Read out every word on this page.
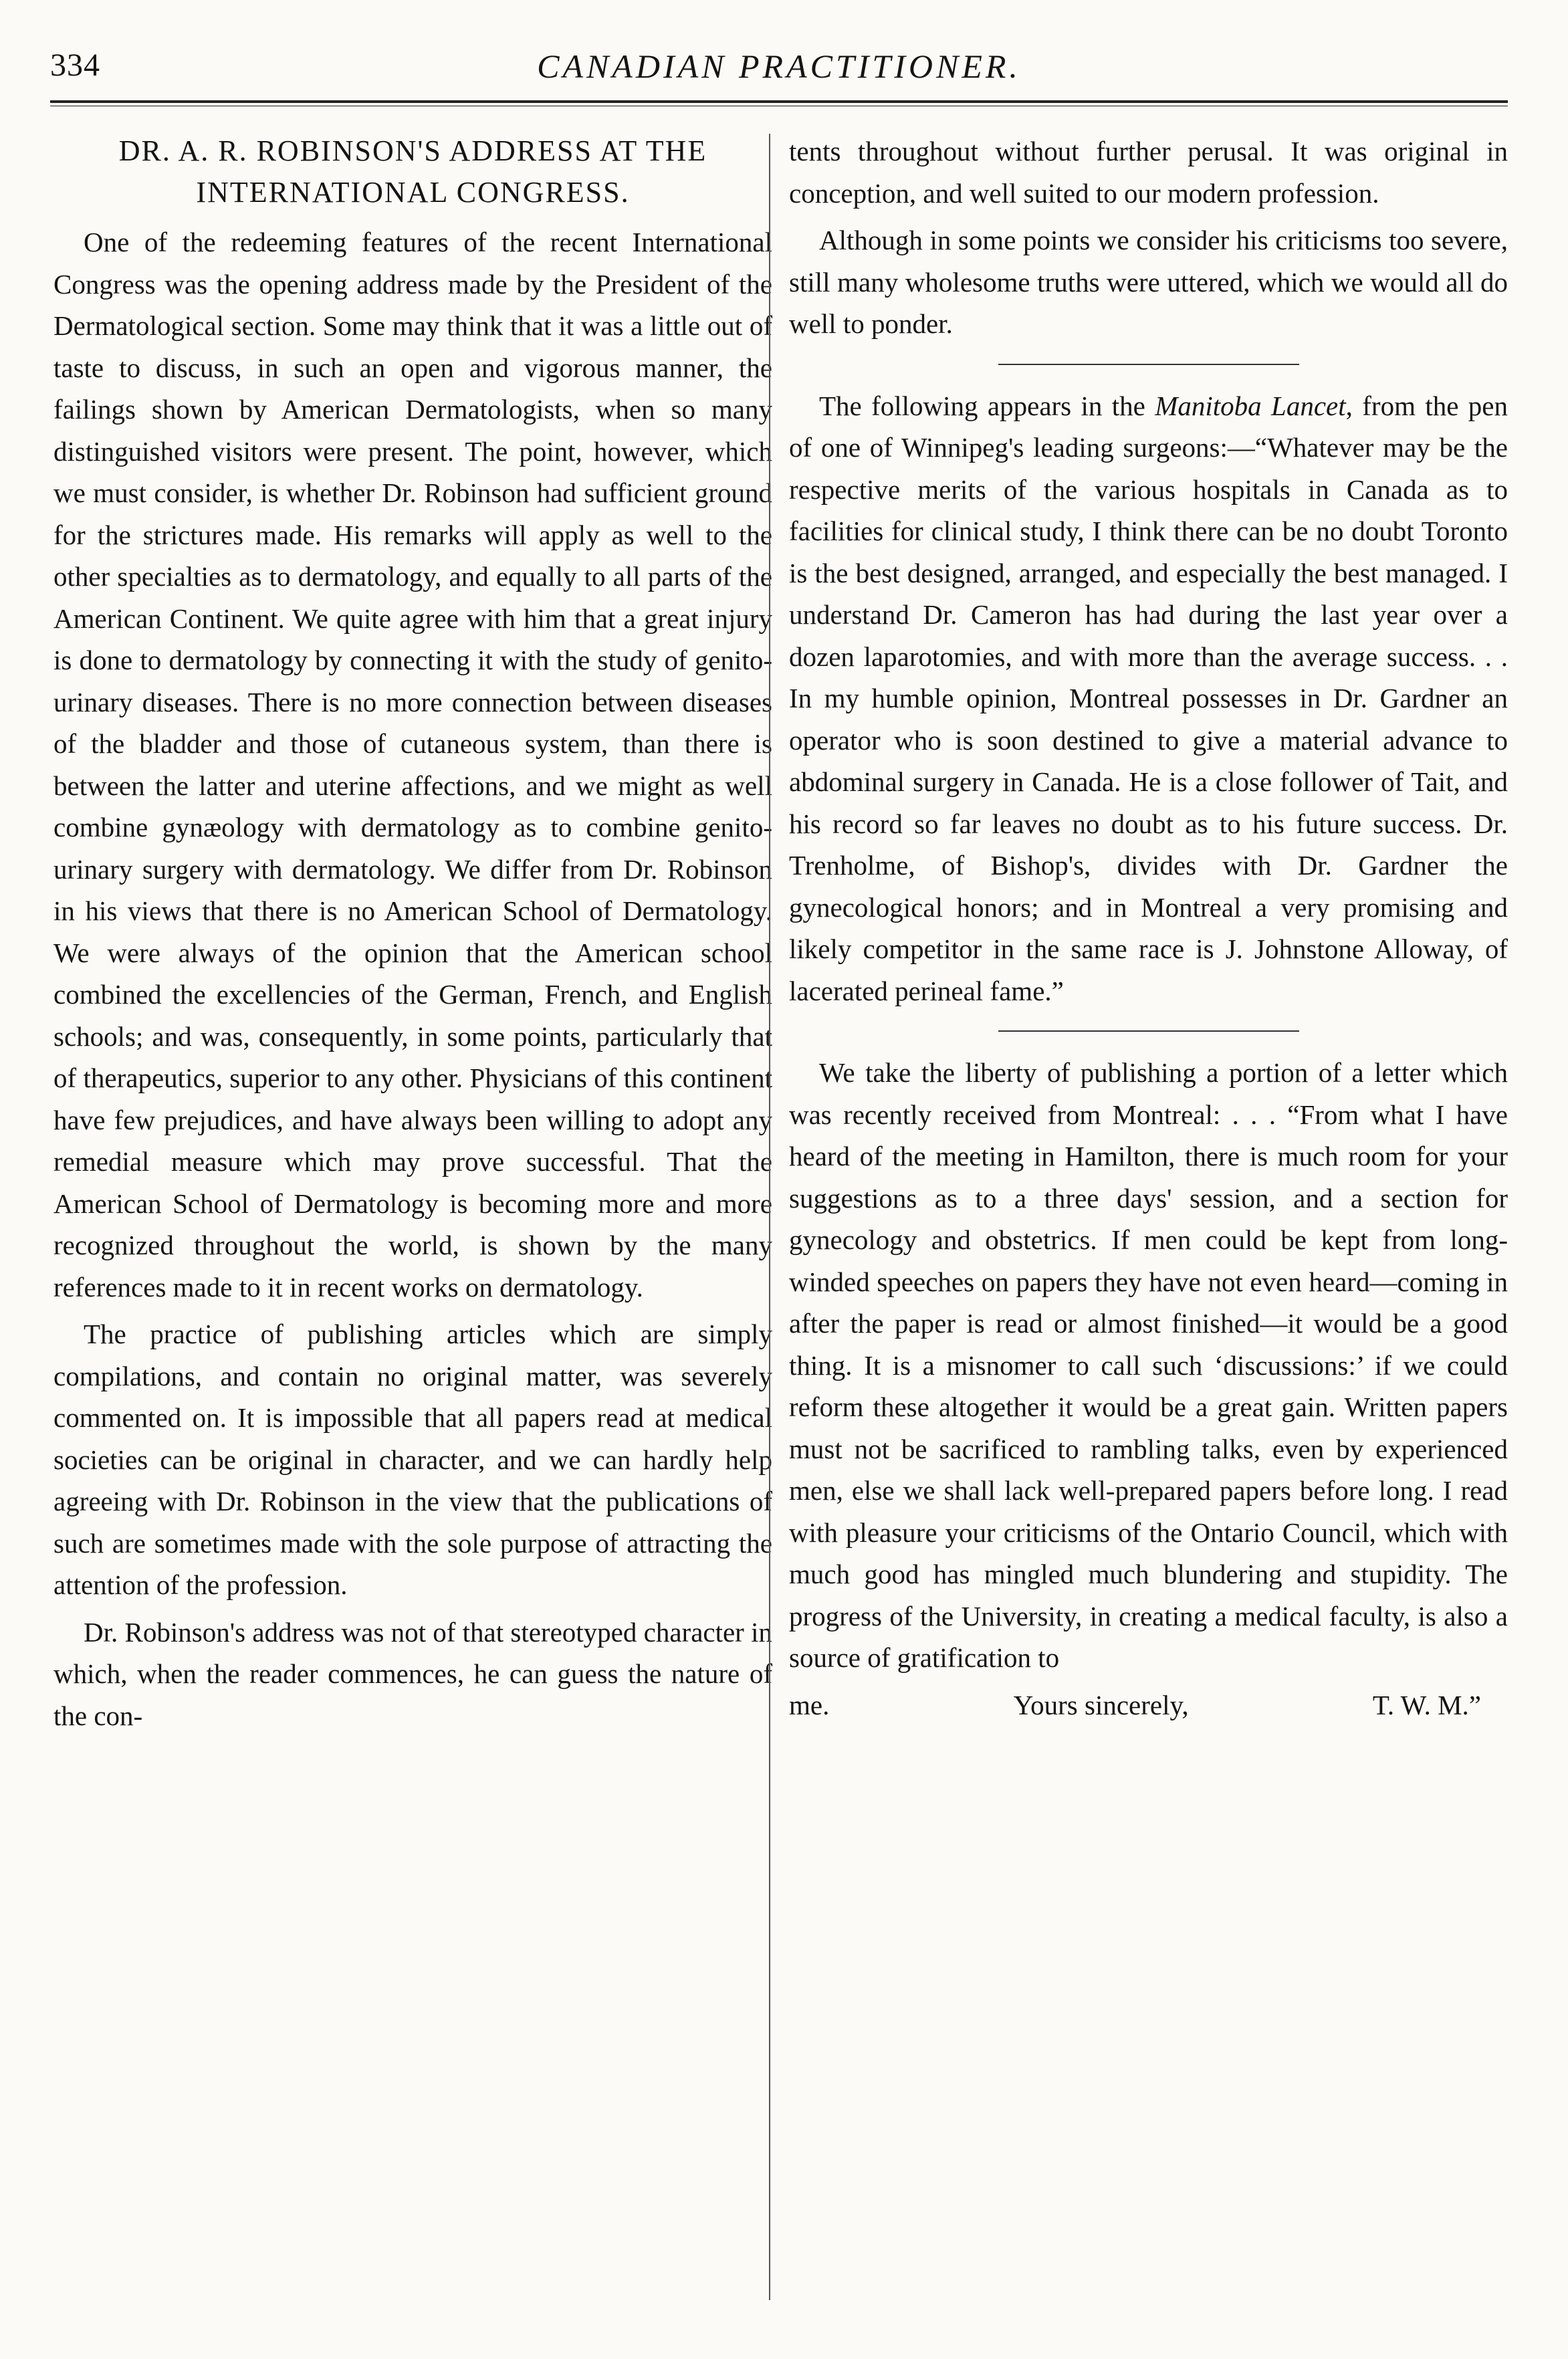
334	CANADIAN PRACTITIONER.
DR. A. R. ROBINSON'S ADDRESS AT THE INTERNATIONAL CONGRESS.

One of the redeeming features of the recent International Congress was the opening address made by the President of the Dermatological section. Some may think that it was a little out of taste to discuss, in such an open and vigorous manner, the failings shown by American Dermatologists, when so many distinguished visitors were present. The point, however, which we must consider, is whether Dr. Robinson had sufficient ground for the strictures made. His remarks will apply as well to the other specialties as to dermatology, and equally to all parts of the American Continent. We quite agree with him that a great injury is done to dermatology by connecting it with the study of genito-urinary diseases. There is no more connection between diseases of the bladder and those of cutaneous system, than there is between the latter and uterine affections, and we might as well combine gynæology with dermatology as to combine genito-urinary surgery with dermatology. We differ from Dr. Robinson in his views that there is no American School of Dermatology. We were always of the opinion that the American school combined the excellencies of the German, French, and English schools; and was, consequently, in some points, particularly that of therapeutics, superior to any other. Physicians of this continent have few prejudices, and have always been willing to adopt any remedial measure which may prove successful. That the American School of Dermatology is becoming more and more recognized throughout the world, is shown by the many references made to it in recent works on dermatology.

The practice of publishing articles which are simply compilations, and contain no original matter, was severely commented on. It is impossible that all papers read at medical societies can be original in character, and we can hardly help agreeing with Dr. Robinson in the view that the publications of such are sometimes made with the sole purpose of attracting the attention of the profession.

Dr. Robinson's address was not of that stereotyped character in which, when the reader commences, he can guess the nature of the con-

tents throughout without further perusal. It was original in conception, and well suited to our modern profession.

Although in some points we consider his criticisms too severe, still many wholesome truths were uttered, which we would all do well to ponder.

The following appears in the Manitoba Lancet, from the pen of one of Winnipeg's leading surgeons:—“Whatever may be the respective merits of the various hospitals in Canada as to facilities for clinical study, I think there can be no doubt Toronto is the best designed, arranged, and especially the best managed. I understand Dr. Cameron has had during the last year over a dozen laparotomies, and with more than the average success. . . In my humble opinion, Montreal possesses in Dr. Gardner an operator who is soon destined to give a material advance to abdominal surgery in Canada. He is a close follower of Tait, and his record so far leaves no doubt as to his future success. Dr. Trenholme, of Bishop's, divides with Dr. Gardner the gynecological honors; and in Montreal a very promising and likely competitor in the same race is J. Johnstone Alloway, of lacerated perineal fame.”

We take the liberty of publishing a portion of a letter which was recently received from Montreal: . . . “From what I have heard of the meeting in Hamilton, there is much room for your suggestions as to a three days' session, and a section for gynecology and obstetrics. If men could be kept from long-winded speeches on papers they have not even heard—coming in after the paper is read or almost finished—it would be a good thing. It is a misnomer to call such ‘discussions:’ if we could reform these altogether it would be a great gain. Written papers must not be sacrificed to rambling talks, even by experienced men, else we shall lack well-prepared papers before long. I read with pleasure your criticisms of the Ontario Council, which with much good has mingled much blundering and stupidity. The progress of the University, in creating a medical faculty, is also a source of gratification to

me.	Yours sincerely,	T. W. M.”
